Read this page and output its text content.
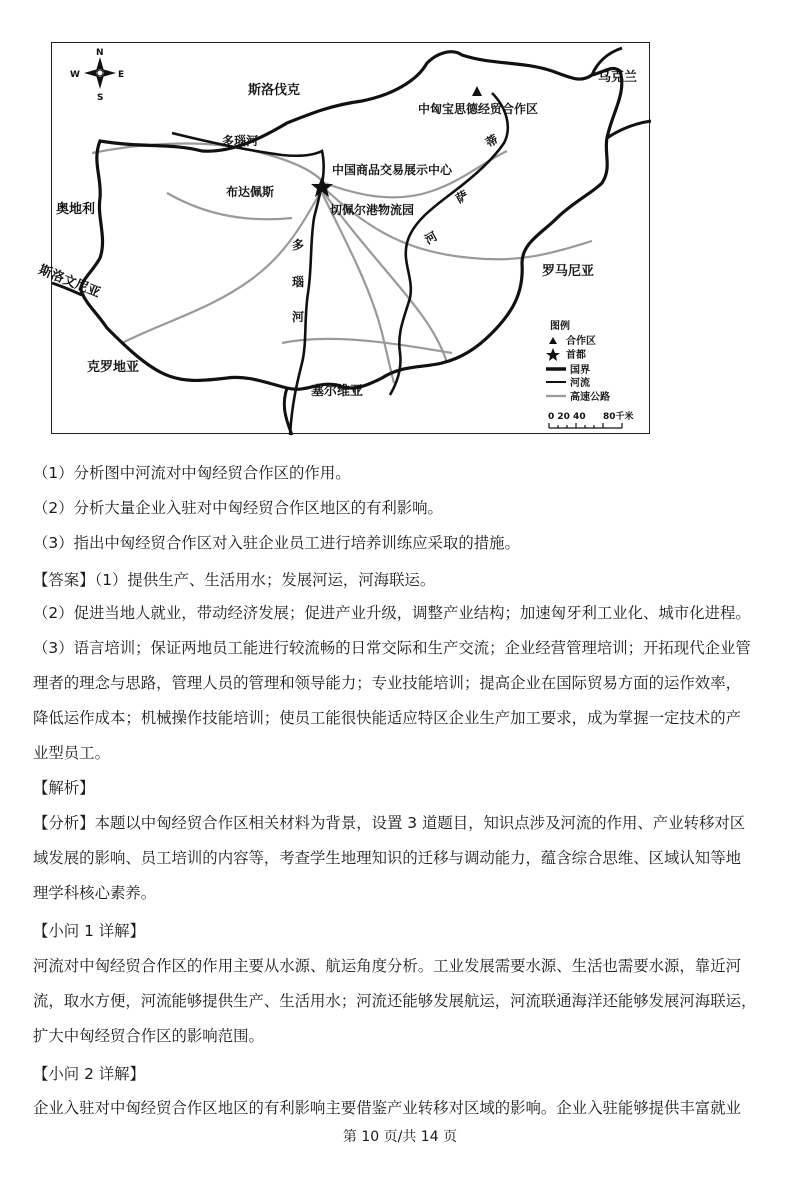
N
S
E
W
斯洛伐克
乌克兰
奥地利
斯洛文尼亚	罗马尼亚
克罗地亚
塞尔维亚
中匈宝思德经贸合作区
中国商品交易展示中心
布达佩斯
切佩尔港物流园
多瑙河
多
瑙
河
蒂
萨
河
图例
合作区
首都
国界
河流
高速公路
0 20 40 80千米
（1）分析图中河流对中匈经贸合作区的作用。
（2）分析大量企业入驻对中匈经贸合作区地区的有利影响。
（3）指出中匈经贸合作区对入驻企业员工进行培养训练应采取的措施。
【答案】（1）提供生产、生活用水；发展河运，河海联运。
（2）促进当地人就业，带动经济发展；促进产业升级，调整产业结构；加速匈牙利工业化、城市化进程。
（3）语言培训；保证两地员工能进行较流畅的日常交际和生产交流；企业经营管理培训；开拓现代企业管
理者的理念与思路，管理人员的管理和领导能力；专业技能培训；提高企业在国际贸易方面的运作效率，
降低运作成本；机械操作技能培训；使员工能很快能适应特区企业生产加工要求，成为掌握一定技术的产
业型员工。
【解析】
【分析】本题以中匈经贸合作区相关材料为背景，设置 3 道题目，知识点涉及河流的作用、产业转移对区
域发展的影响、员工培训的内容等，考查学生地理知识的迁移与调动能力，蕴含综合思维、区域认知等地
理学科核心素养。
【小问 1 详解】
河流对中匈经贸合作区的作用主要从水源、航运角度分析。工业发展需要水源、生活也需要水源，靠近河
流，取水方便，河流能够提供生产、生活用水；河流还能够发展航运，河流联通海洋还能够发展河海联运，
扩大中匈经贸合作区的影响范围。
【小问 2 详解】
企业入驻对中匈经贸合作区地区的有利影响主要借鉴产业转移对区域的影响。企业入驻能够提供丰富就业
第 10 页/共 14 页
